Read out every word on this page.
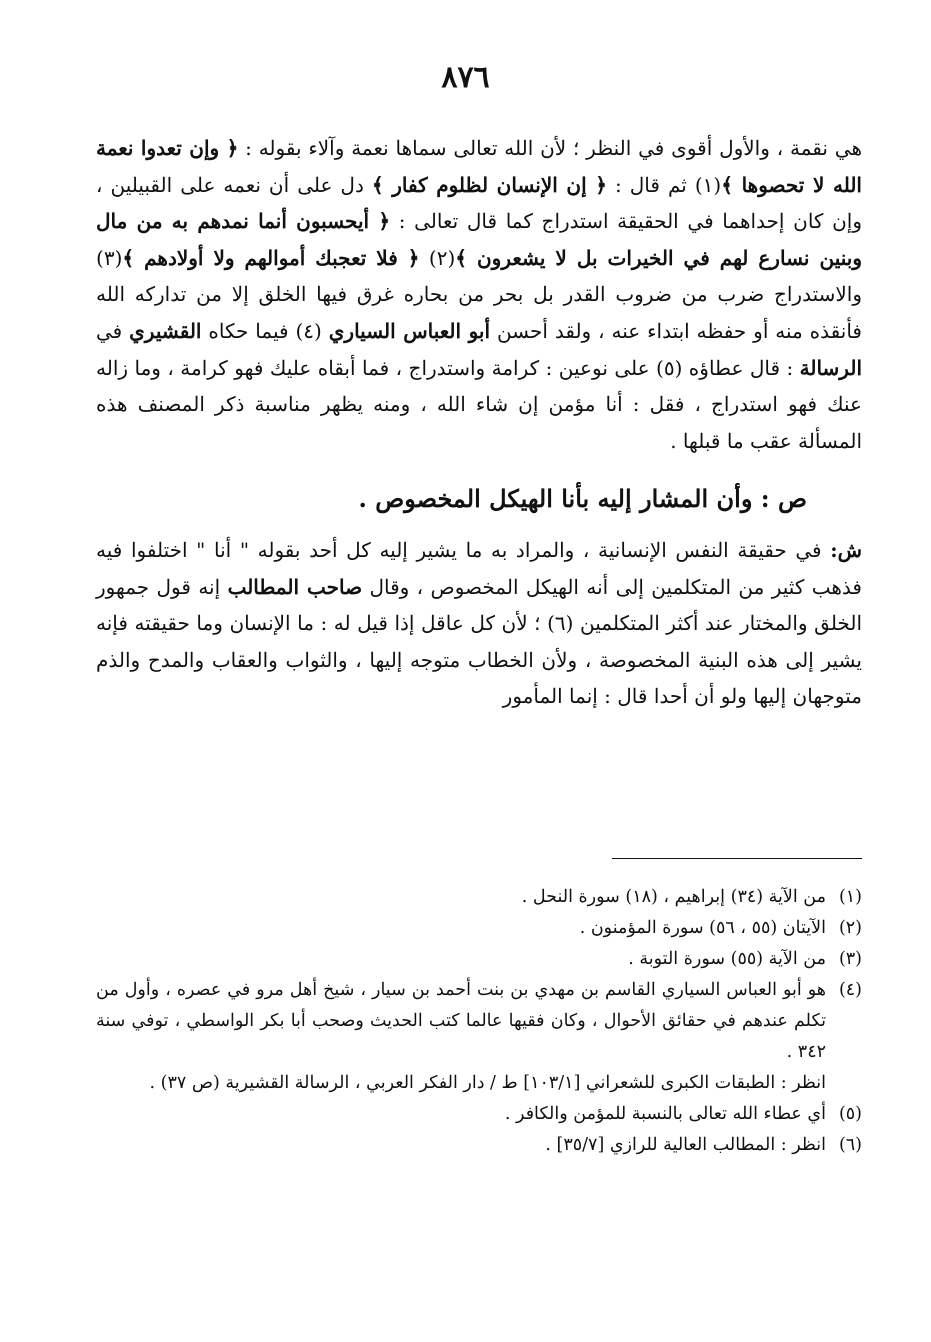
٨٧٦

هي نقمة ، والأول أقوى في النظر ؛ لأن الله تعالى سماها نعمة وآلاء بقوله : ﴿ وإن تعدوا نعمة الله لا تحصوها ﴾(١) ثم قال : ﴿ إن الإنسان لظلوم كفار ﴾ دل على أن نعمه على القبيلين ، وإن كان إحداهما في الحقيقة استدراج كما قال تعالى : ﴿ أيحسبون أنما نمدهم به من مال وبنين نسارع لهم في الخيرات بل لا يشعرون ﴾(٢) ﴿ فلا تعجبك أموالهم ولا أولادهم ﴾(٣) والاستدراج ضرب من ضروب القدر بل بحر من بحاره غرق فيها الخلق إلا من تداركه الله فأنقذه منه أو حفظه ابتداء عنه ، ولقد أحسن أبو العباس السياري (٤) فيما حكاه القشيري في الرسالة : قال عطاؤه (٥) على نوعين : كرامة واستدراج ، فما أبقاه عليك فهو كرامة ، وما زاله عنك فهو استدراج ، فقل : أنا مؤمن إن شاء الله ، ومنه يظهر مناسبة ذكر المصنف هذه المسألة عقب ما قبلها .

ص : وأن المشار إليه بأنا الهيكل المخصوص .

ش: في حقيقة النفس الإنسانية ، والمراد به ما يشير إليه كل أحد بقوله " أنا " اختلفوا فيه فذهب كثير من المتكلمين إلى أنه الهيكل المخصوص ، وقال صاحب المطالب إنه قول جمهور الخلق والمختار عند أكثر المتكلمين (٦) ؛ لأن كل عاقل إذا قيل له : ما الإنسان وما حقيقته فإنه يشير إلى هذه البنية المخصوصة ، ولأن الخطاب متوجه إليها ، والثواب والعقاب والمدح والذم متوجهان إليها ولو أن أحدا قال : إنما المأمور

(١)
من الآية (٣٤) إبراهيم ، (١٨) سورة النحل .
(٢)
الآيتان (٥٥ ، ٥٦) سورة المؤمنون .
(٣)
من الآية (٥٥) سورة التوبة .
(٤)
هو أبو العباس السياري القاسم بن مهدي بن بنت أحمد بن سيار ، شيخ أهل مرو في عصره ، وأول من تكلم عندهم في حقائق الأحوال ، وكان فقيها عالما كتب الحديث وصحب أبا بكر الواسطي ، توفي سنة ٣٤٢ .
انظر : الطبقات الكبرى للشعراني [١٠٣/١] ط / دار الفكر العربي ، الرسالة القشيرية (ص ٣٧) .
(٥)
أي عطاء الله تعالى بالنسبة للمؤمن والكافر .
(٦)
انظر : المطالب العالية للرازي [٣٥/٧] .
